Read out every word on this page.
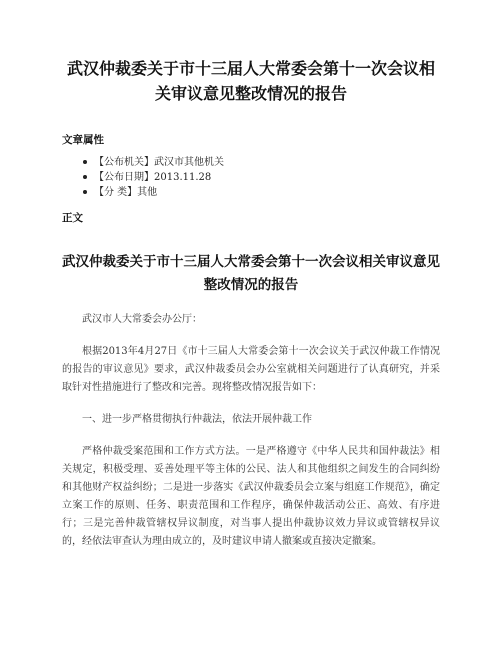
武汉仲裁委关于市十三届人大常委会第十一次会议相关审议意见整改情况的报告

文章属性

【公布机关】武汉市其他机关
【公布日期】2013.11.28
【分 类】其他

正文

武汉仲裁委关于市十三届人大常委会第十一次会议相关审议意见整改情况的报告

武汉市人大常委会办公厅：

根据2013年4月27日《市十三届人大常委会第十一次会议关于武汉仲裁工作情况的报告的审议意见》要求，武汉仲裁委员会办公室就相关问题进行了认真研究，并采取针对性措施进行了整改和完善。现将整改情况报告如下：

一、进一步严格贯彻执行仲裁法，依法开展仲裁工作

严格仲裁受案范围和工作方式方法。一是严格遵守《中华人民共和国仲裁法》相关规定，积极受理、妥善处理平等主体的公民、法人和其他组织之间发生的合同纠纷和其他财产权益纠纷；二是进一步落实《武汉仲裁委员会立案与组庭工作规范》，确定立案工作的原则、任务、职责范围和工作程序，确保仲裁活动公正、高效、有序进行；三是完善仲裁管辖权异议制度，对当事人提出仲裁协议效力异议或管辖权异议的，经依法审查认为理由成立的，及时建议申请人撤案或直接决定撤案。
